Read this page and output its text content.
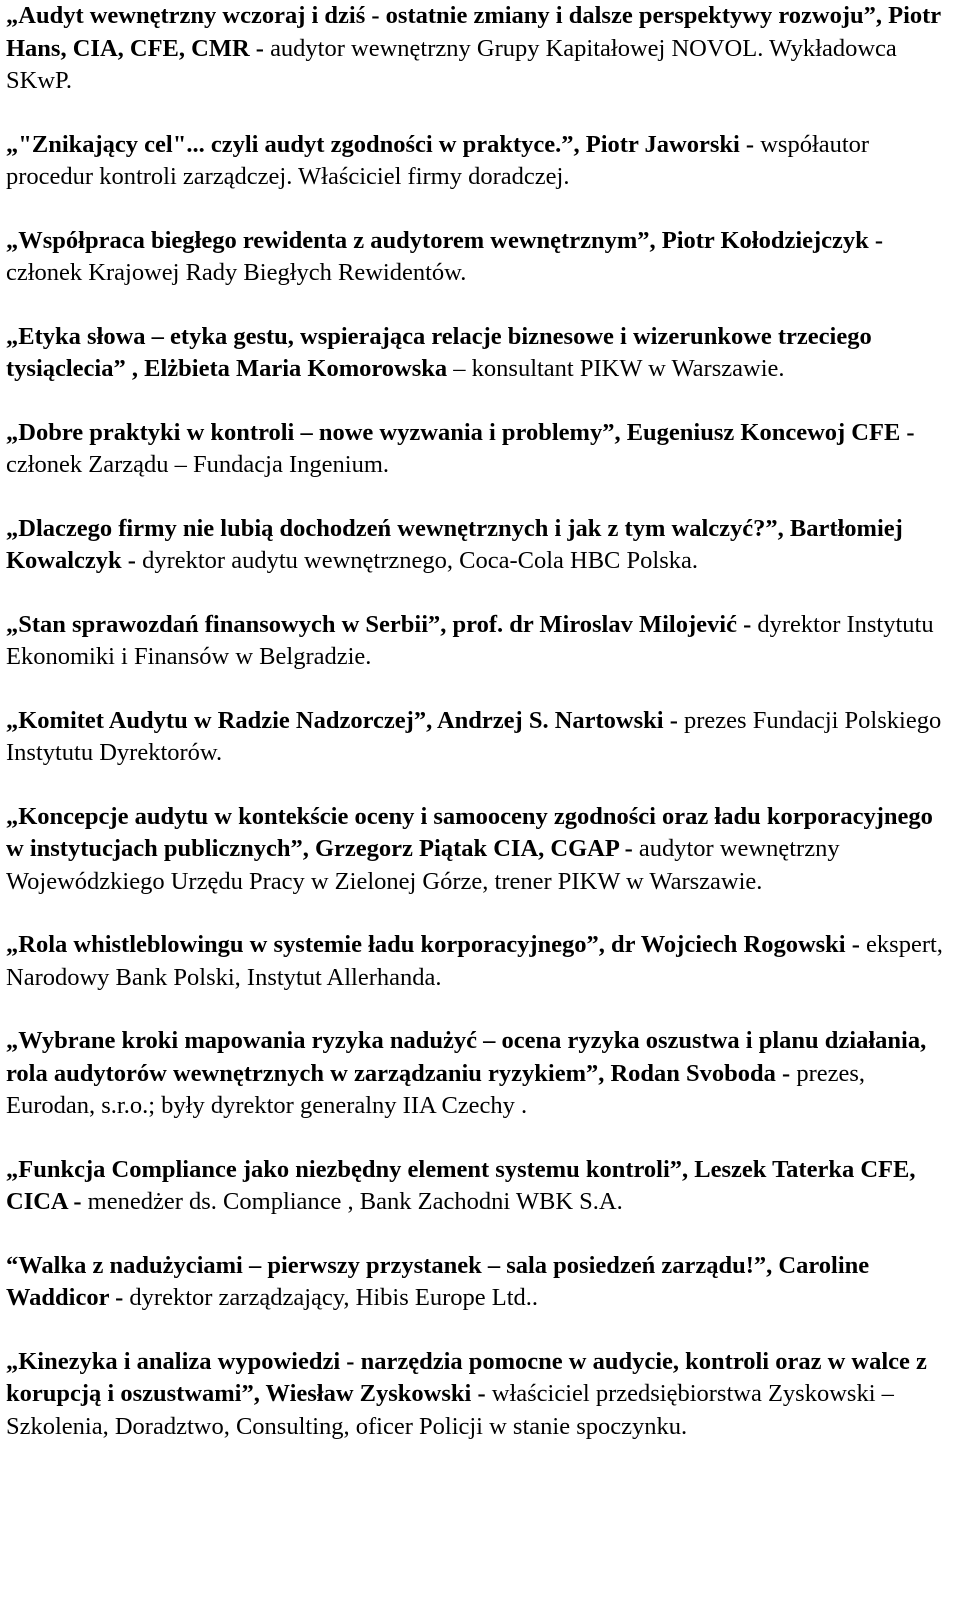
„Audyt wewnętrzny wczoraj i dziś - ostatnie zmiany i dalsze perspektywy rozwoju”, Piotr Hans, CIA, CFE, CMR - audytor wewnętrzny Grupy Kapitałowej NOVOL. Wykładowca SKwP.

„"Znikający cel"... czyli audyt zgodności w praktyce.”, Piotr Jaworski - współautor procedur kontroli zarządczej. Właściciel firmy doradczej.

„Współpraca biegłego rewidenta z audytorem wewnętrznym”, Piotr Kołodziejczyk - członek Krajowej Rady Biegłych Rewidentów.

„Etyka słowa – etyka gestu, wspierająca relacje biznesowe i wizerunkowe trzeciego tysiąclecia” , Elżbieta Maria Komorowska – konsultant PIKW w Warszawie.

„Dobre praktyki w kontroli – nowe wyzwania i problemy”, Eugeniusz Koncewoj CFE - członek Zarządu – Fundacja Ingenium.

„Dlaczego firmy nie lubią dochodzeń wewnętrznych i jak z tym walczyć?”, Bartłomiej Kowalczyk - dyrektor audytu wewnętrznego, Coca-Cola HBC Polska.

„Stan sprawozdań finansowych w Serbii”, prof. dr Miroslav Milojević - dyrektor Instytutu Ekonomiki i Finansów w Belgradzie.

„Komitet Audytu w Radzie Nadzorczej”, Andrzej S. Nartowski - prezes Fundacji Polskiego Instytutu Dyrektorów.

„Koncepcje audytu w kontekście oceny i samooceny zgodności oraz ładu korporacyjnego w instytucjach publicznych”, Grzegorz Piątak CIA, CGAP - audytor wewnętrzny Wojewódzkiego Urzędu Pracy w Zielonej Górze, trener PIKW w Warszawie.

„Rola whistleblowingu w systemie ładu korporacyjnego”, dr Wojciech Rogowski - ekspert, Narodowy Bank Polski, Instytut Allerhanda.

„Wybrane kroki mapowania ryzyka nadużyć – ocena ryzyka oszustwa i planu działania, rola audytorów wewnętrznych w zarządzaniu ryzykiem”, Rodan Svoboda - prezes, Eurodan, s.r.o.; były dyrektor generalny IIA Czechy .

„Funkcja Compliance jako niezbędny element systemu kontroli”, Leszek Taterka CFE, CICA - menedżer ds. Compliance , Bank Zachodni WBK S.A.

“Walka z nadużyciami – pierwszy przystanek – sala posiedzeń zarządu!”, Caroline Waddicor - dyrektor zarządzający, Hibis Europe Ltd..

„Kinezyka i analiza wypowiedzi - narzędzia pomocne w audycie, kontroli oraz w walce z korupcją i oszustwami”, Wiesław Zyskowski - właściciel przedsiębiorstwa Zyskowski – Szkolenia, Doradztwo, Consulting, oficer Policji w stanie spoczynku.
